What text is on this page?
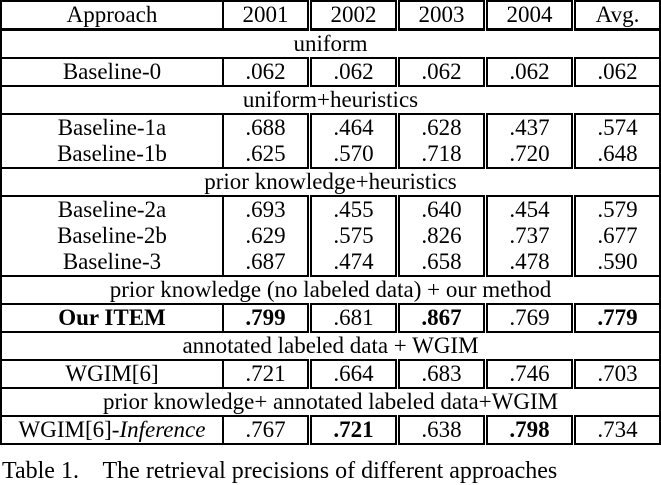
Approach	2001	2002	2003	2004	Avg.
uniform					
Baseline-0	.062	.062	.062	.062	.062
uniform+heuristics					
Baseline-1a	.688	.464	.628	.437	.574
Baseline-1b	.625	.570	.718	.720	.648
prior knowledge+heuristics					
Baseline-2a	.693	.455	.640	.454	.579
Baseline-2b	.629	.575	.826	.737	.677
Baseline-3	.687	.474	.658	.478	.590
prior knowledge (no labeled data) + our method					
Our ITEM	.799	.681	.867	.769	.779
annotated labeled data + WGIM					
WGIM[6]	.721	.664	.683	.746	.703
prior knowledge+ annotated labeled data+WGIM					
WGIM[6]-Inference	.767	.721	.638	.798	.734
Table 1.    The retrieval precisions of different approaches
